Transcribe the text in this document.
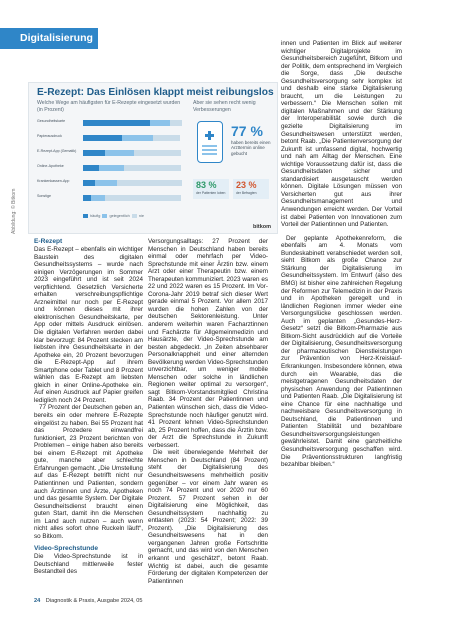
Digitalisierung
E-Rezept: Das Einlösen klappt meist reibungslos
Welche Wege am häufigsten für E-Rezepte eingesetzt wurden (in Prozent)
Aber sie sehen recht wenig Verbesserungen
häufig gelegentlich nie
Gesundheitskarte
Papierausdruck
E-Rezept-App (Gematik)
Online-Apotheke
Krankenkassen-App
Sonstige
77 %
haben bereits einen Arzttermin online gebucht
83 %
der Patienten loben
23 %
der Befragten
bitkom
Abbildung: © Bitkom
E-Rezept

Das E-Rezept – ebenfalls ein wichtiger Baustein des digitalen Gesundheitssystems – wurde nach einigen Verzögerungen im Sommer 2023 eingeführt und ist seit 2024 verpflichtend. Gesetzlich Versicherte erhalten verschreibungspflichtige Arzneimittel nur noch per E-Rezept und können dieses mit ihrer elektronischen Gesundheitskarte, per App oder mittels Ausdruck einlösen. Die digitalen Verfahren werden dabei klar bevorzugt: 84 Prozent stecken am liebsten ihre Gesundheitskarte in der Apotheke ein, 20 Prozent bevorzugen die E-Rezept-App auf ihrem Smartphone oder Tablet und 8 Prozent wählen das E-Rezept am liebsten gleich in einer Online-Apotheke ein. Auf einen Ausdruck auf Papier greifen lediglich noch 24 Prozent.

77 Prozent der Deutschen geben an, bereits ein oder mehrere E-Rezepte eingelöst zu haben. Bei 55 Prozent hat das Prozedere einwandfrei funktioniert, 23 Prozent berichten von Problemen – einige haben also bereits bei einem E-Rezept mit Apotheke gute, manche aber schlechte Erfahrungen gemacht. „Die Umstellung auf das E-Rezept betrifft nicht nur Patientinnen und Patienten, sondern auch Ärztinnen und Ärzte, Apotheken und das gesamte System. Der Digitale Gesundheitsdienst braucht einen guten Start, damit ihn die Menschen im Land auch nutzen – auch wenn nicht alles sofort ohne Ruckeln läuft“, so Bitkom.

Video-Sprechstunde

Die Video-Sprechstunde ist in Deutschland mittlerweile fester Bestandteil des

Versorgungsalltags: 27 Prozent der Menschen in Deutschland haben bereits einmal oder mehrfach per Video-Sprechstunde mit einer Ärztin bzw. einem Arzt oder einer Therapeutin bzw. einem Therapeuten kommuniziert. 2023 waren es 22 und 2022 waren es 15 Prozent. Im Vor-Corona-Jahr 2019 betraf sich dieser Wert gerade einmal 5 Prozent. Vor allem 2017 wurden die hohen Zahlen von der deutschen Sektorenleistung. Unter anderem weiterhin waren Facharztinnen und Fachärzte für Allgemeinmedizin und Hausärzte, der Video-Sprechstunde am besten abgedeckt. „In Zeiten absehbarer Personalknappheit und einer alternden Bevölkerung werden Video-Sprechstunden unverzichtbar, um weniger mobile Menschen oder solche in ländlichen Regionen weiter optimal zu versorgen“, sagt Bitkom-Vorstandsmitglied Christina Raab. 34 Prozent der Patientinnen und Patienten wünschen sich, dass die Video-Sprechstunde noch häufiger genutzt wird. 41 Prozent lehnen Video-Sprechstunden ab, 25 Prozent hoffen, dass die Ärztin bzw. der Arzt die Sprechstunde in Zukunft verbessert.

Die weit überwiegende Mehrheit der Menschen in Deutschland (84 Prozent) steht der Digitalisierung des Gesundheitswesens mehrheitlich positiv gegenüber – vor einem Jahr waren es noch 74 Prozent und vor 2020 nur 60 Prozent. 57 Prozent sehen in der Digitalisierung eine Möglichkeit, das Gesundheitssystem nachhaltig zu entlasten (2023: 54 Prozent; 2022: 39 Prozent). „Die Digitalisierung des Gesundheitswesens hat in den vergangenen Jahren große Fortschritte gemacht, und das wird von den Menschen erkannt und geschätzt“, betont Raab. Wichtig ist dabei, auch die gesamte Förderung der digitalen Kompetenzen der Patientinnen

innen und Patienten im Blick auf weiterer wichtiger Digitalprojekte im Gesundheitsbereich zugeführt, Bitkom und der Politik, dem entsprechend im Vergleich die Sorge, dass „Die deutsche Gesundheitsversorgung sehr komplex ist und deshalb eine starke Digitalisierung braucht, um die Leistungen zu verbessern.“ Die Menschen sollen mit digitalen Maßnahmen und der Stärkung der Interoperabilität sowie durch die gezielte Digitalisierung im Gesundheitswesen unterstützt werden, betont Raab. „Die Patientenversorgung der Zukunft ist umfassend digital, hochwertig und nah am Alltag der Menschen. Eine wichtige Voraussetzung dafür ist, dass die Gesundheitsdaten sicher und standardisiert ausgetauscht werden können. Digitale Lösungen müssen von Versicherten gut aus ihrer Gesundheitsmanagement und Anwendungen erreicht werden. Der Vorteil ist dabei Patienten von Innovationen zum Vorteil der Patientinnen und Patienten.

Der geplante Apothekenreform, die ebenfalls am 4. Monats vom Bundeskabinett verabschiedet werden soll, sieht Bitkom als große Chance zur Stärkung der Digitalisierung im Gesundheitssystem. Im Entwurf (also des BMG) ist bisher eine zahlreichen Regelung der Reformen zur Telemedizin in der Praxis und in Apotheken geregelt und in ländlichen Regionen immer wieder eine Versorgungslücke geschlossen werden. Auch im geplanten „Gesundes-Herz-Gesetz“ setzt die Bitkom-Pharmazie aus Bitkom-Sicht ausdrücklich auf die Vorteile der Digitalisierung, Gesundheitsversorgung der pharmazeutischen Dienstleistungen zur Prävention von Herz-Kreislauf-Erkrankungen. Insbesondere können, etwa durch ein Wearable, das die meistgetragenen Gesundheitsdaten der physischen Anwendung der Patientinnen und Patienten Raab. „Die Digitalisierung ist eine Chance für eine nachhaltige und nachweisbare Gesundheitsversorgung in Deutschland, die Patientinnen und Patienten Stabilität und bezahlbare Gesundheitsversorgungsleistungen gewährleistet. Damit eine ganzheitliche Gesundheitsversorgung geschaffen wird. Die Präventionsstrukturen langfristig bezahlbar bleiben.“

24 Diagnostik & Praxis, Ausgabe 2024, 05
